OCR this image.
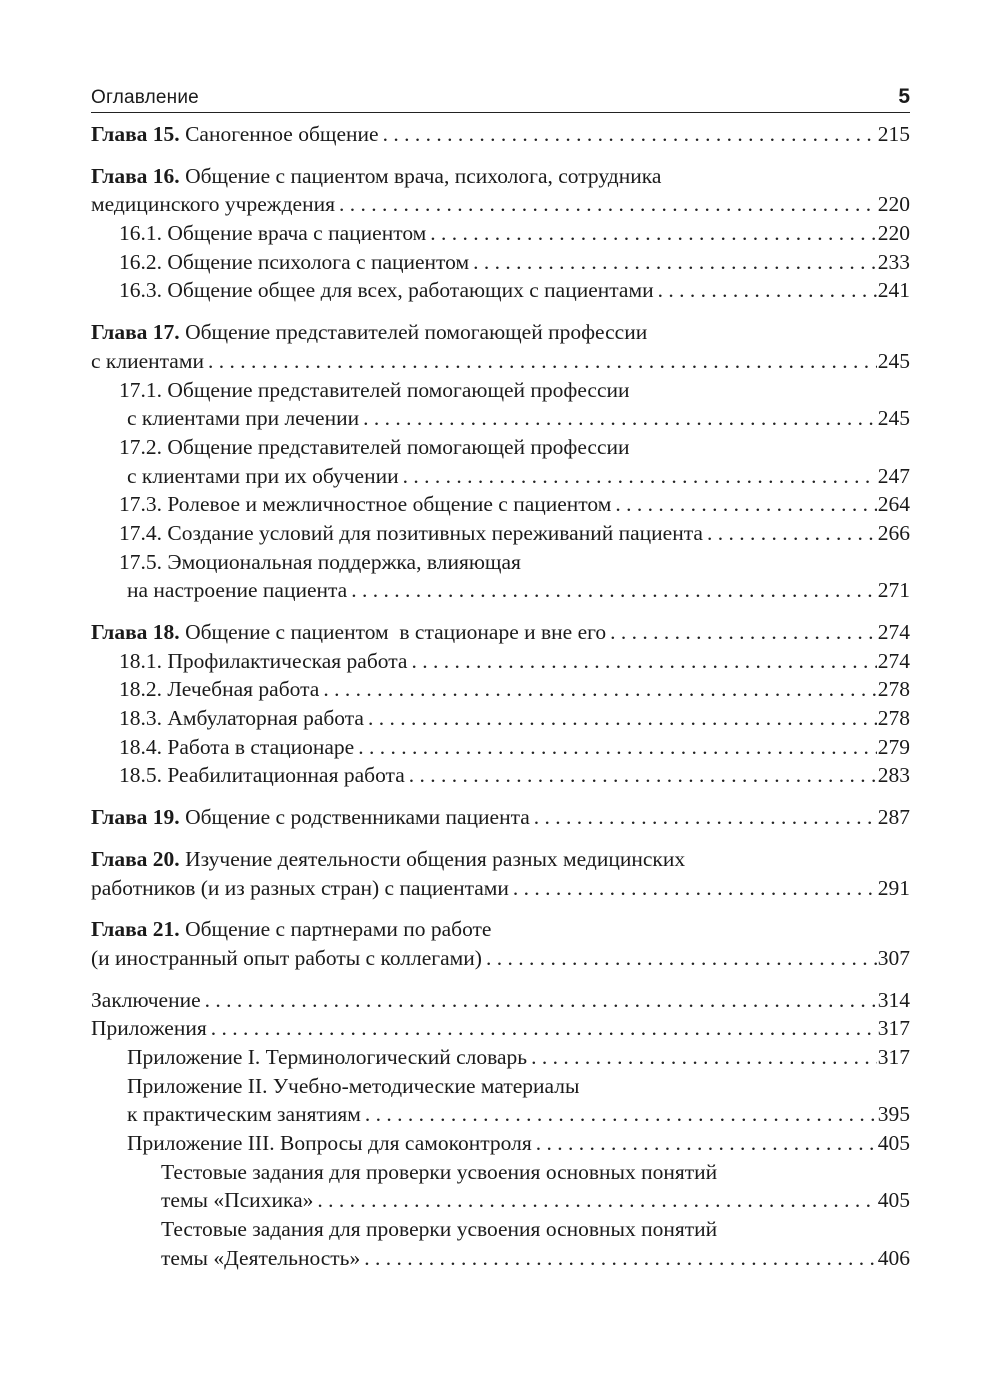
Оглавление	5
Глава 15. Саногенное общение . . .	215
Глава 16. Общение с пациентом врача, психолога, сотрудника
медицинского учреждения . . .	220
16.1. Общение врача с пациентом . . .	220
16.2. Общение психолога с пациентом . . .	233
16.3. Общение общее для всех, работающих с пациентами . . .	241
Глава 17. Общение представителей помогающей профессии
с клиентами . . .	245
17.1. Общение представителей помогающей профессии
с клиентами при лечении . . .	245
17.2. Общение представителей помогающей профессии
с клиентами при их обучении . . .	247
17.3. Ролевое и межличностное общение с пациентом . . .	264
17.4. Создание условий для позитивных переживаний пациента . . .	266
17.5. Эмоциональная поддержка, влияющая
на настроение пациента . . .	271
Глава 18. Общение с пациентом  в стационаре и вне его . . .	274
18.1. Профилактическая работа . . .	274
18.2. Лечебная работа . . .	278
18.3. Амбулаторная работа . . .	278
18.4. Работа в стационаре . . .	279
18.5. Реабилитационная работа . . .	283
Глава 19. Общение с родственниками пациента . . .	287
Глава 20. Изучение деятельности общения разных медицинских
работников (и из разных стран) с пациентами . . .	291
Глава 21. Общение с партнерами по работе
(и иностранный опыт работы с коллегами) . . .	307
Заключение . . .	314
Приложения . . .	317
Приложение I. Терминологический словарь . . .	317
Приложение II. Учебно-методические материалы
к практическим занятиям . . .	395
Приложение III. Вопросы для самоконтроля . . .	405
Тестовые задания для проверки усвоения основных понятий
темы «Психика» . . .	405
Тестовые задания для проверки усвоения основных понятий
темы «Деятельность» . . .	406
